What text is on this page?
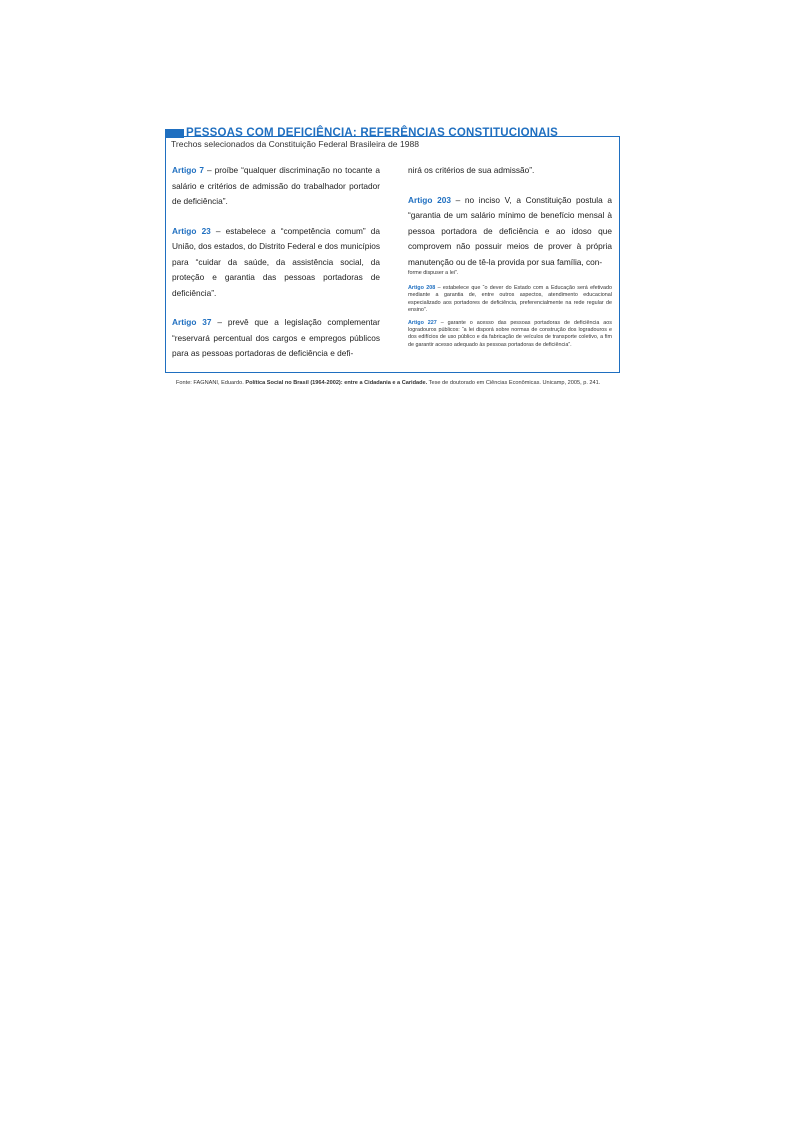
PESSOAS COM DEFICIÊNCIA: REFERÊNCIAS CONSTITUCIONAIS
Trechos selecionados da Constituição Federal Brasileira de 1988

Artigo 7 – proíbe “qualquer discriminação no tocante a salário e critérios de admissão do trabalhador portador de deficiência”.

Artigo 23 – estabelece a “competência comum” da União, dos estados, do Distrito Federal e dos municípios para “cuidar da saúde, da assistência social, da proteção e garantia das pessoas portadoras de deficiência”.

Artigo 37 – prevê que a legislação complementar “reservará percentual dos cargos e empregos públicos para as pessoas portadoras de deficiência e defi-

nirá os critérios de sua admissão”.

Artigo 203 – no inciso V, a Constituição postula a “garantia de um salário mínimo de benefício mensal à pessoa portadora de deficiência e ao idoso que comprovem não possuir meios de prover à própria manutenção ou de tê-la provida por sua família, con-

forme dispuser a lei”.

Artigo 208 – estabelece que “o dever do Estado com a Educação será efetivado mediante a garantia de, entre outros aspectos, atendimento educacional especializado aos portadores de deficiência, preferencialmente na rede regular de ensino”.

Artigo 227 – garante o acesso das pessoas portadoras de deficiência aos logradouros públicos: “a lei disporá sobre normas de construção dos logradouros e dos edifícios de uso público e da fabricação de veículos de transporte coletivo, a fim de garantir acesso adequado às pessoas portadoras de deficiência”.

Fonte: FAGNANI, Eduardo. Política Social no Brasil (1964-2002): entre a Cidadania e a Caridade. Tese de doutorado em Ciências Econômicas. Unicamp, 2005, p. 241.
